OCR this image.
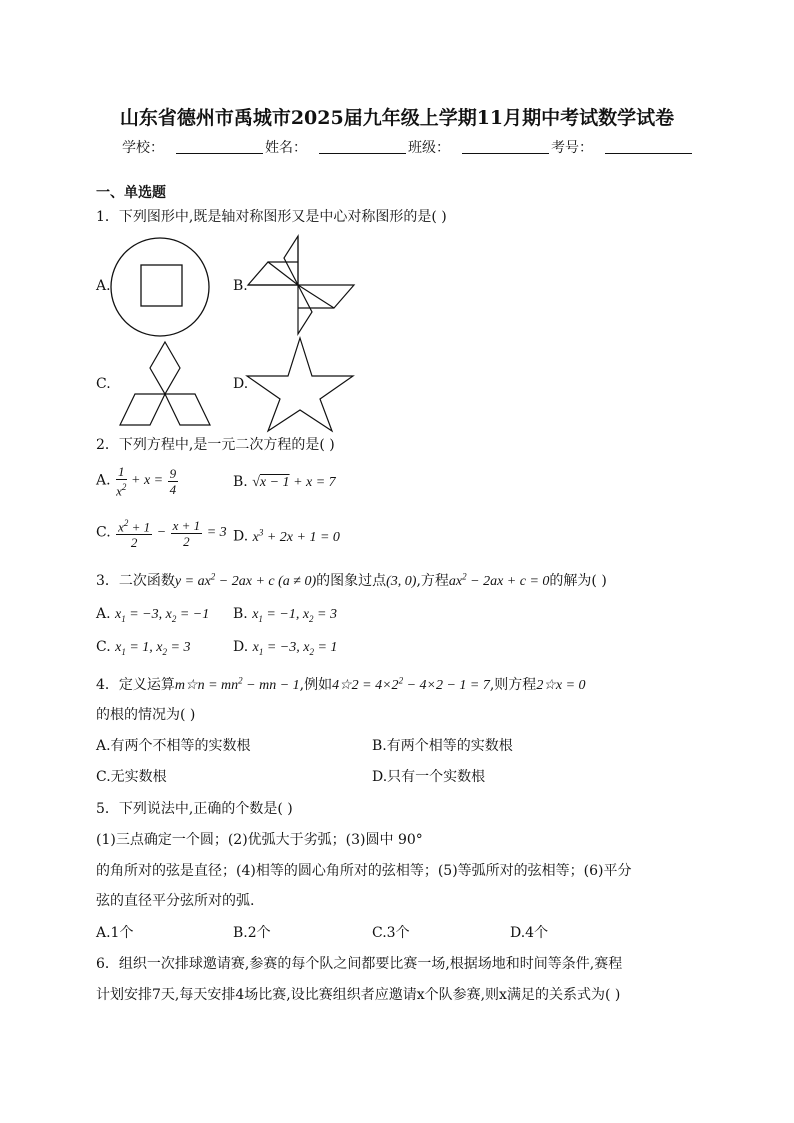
山东省德州市禹城市2025届九年级上学期11月期中考试数学试卷
学校：	姓名：	班级：	考号：
一、单选题
1．下列图形中,既是轴对称图形又是中心对称图形的是( )
A.	B.
C.	D.
2．下列方程中,是一元二次方程的是( )
A. $\frac{1}{x^2} + x = \frac{9}{4}$	B. √x − 1 + x = 7
C. $\frac{x^2 + 1}{2} - \frac{x + 1}{2} = 3$ D. $x^3 + 2x + 1 = 0$
3．二次函数$y = ax^2 - 2ax + c$ (a ≠ 0)的图象过点(3, 0),方程$ax^2 - 2ax + c = 0$的解为( )
A. $x_1 = -3$, $x_2 = -1$ B. $x_1 = -1$, $x_2 = 3$
C. $x_1 = 1$, $x_2 = 3$	D. $x_1 = -3$, $x_2 = 1$
4．定义运算m☆n = $mn^2$ − mn − 1,例如4☆2 = $4\times 2^2 - 4\times 2 - 1 = 7$,则方程2☆x = 0
的根的情况为( )
A.有两个不相等的实数根	B.有两个相等的实数根
C.无实数根	D.只有一个实数根
5．下列说法中,正确的个数是( )
(1)三点确定一个圆；(2)优弧大于劣弧；(3)圆中 90°
的角所对的弦是直径；(4)相等的圆心角所对的弦相等；(5)等弧所对的弦相等；(6)平分
弦的直径平分弦所对的弧.
A.1个	B.2个	C.3个	D.4个
6．组织一次排球邀请赛,参赛的每个队之间都要比赛一场,根据场地和时间等条件,赛程
计划安排7天,每天安排4场比赛,设比赛组织者应邀请x个队参赛,则x满足的关系式为( )
